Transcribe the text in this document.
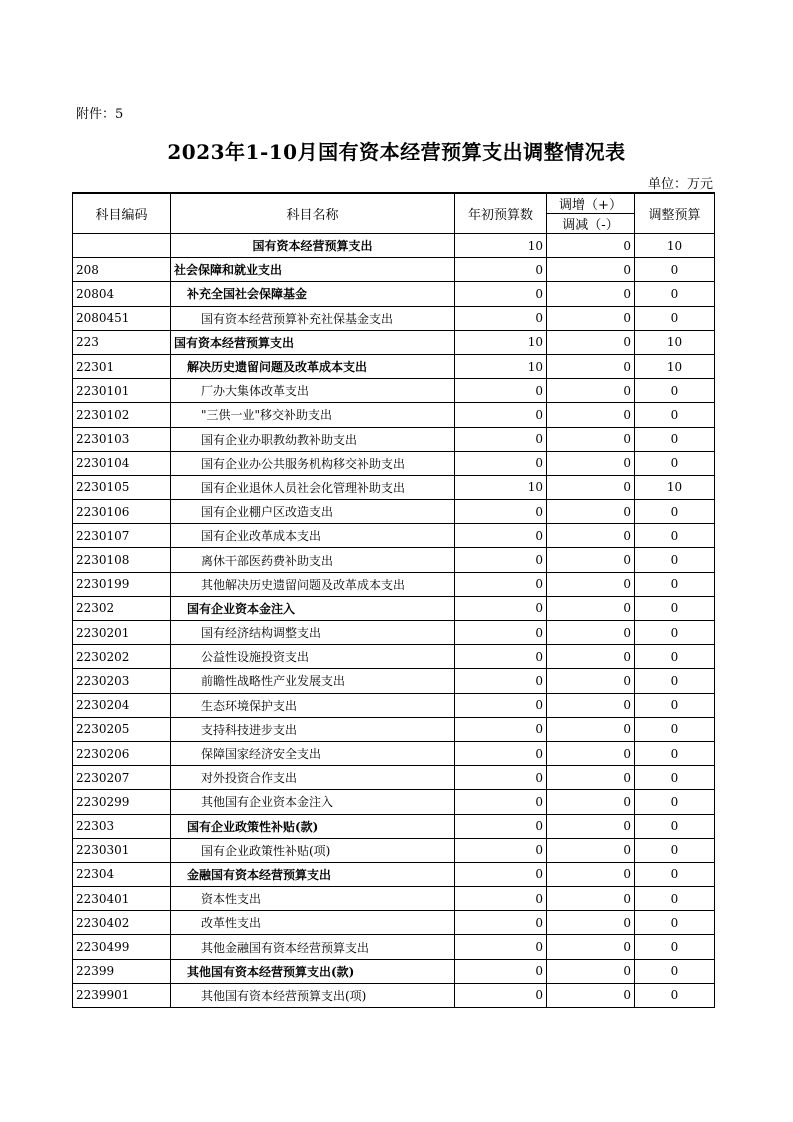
附件：5
2023年1-10月国有资本经营预算支出调整情况表
单位：万元
科目编码	科目名称	年初预算数	调增（+）	调整预算
			调减（-）	
	国有资本经营预算支出	10	0	10
208	社会保障和就业支出	0	0	0
20804	补充全国社会保障基金	0	0	0
2080451	国有资本经营预算补充社保基金支出	0	0	0
223	国有资本经营预算支出	10	0	10
22301	解决历史遗留问题及改革成本支出	10	0	10
2230101	厂办大集体改革支出	0	0	0
2230102	"三供一业"移交补助支出	0	0	0
2230103	国有企业办职教幼教补助支出	0	0	0
2230104	国有企业办公共服务机构移交补助支出	0	0	0
2230105	国有企业退休人员社会化管理补助支出	10	0	10
2230106	国有企业棚户区改造支出	0	0	0
2230107	国有企业改革成本支出	0	0	0
2230108	离休干部医药费补助支出	0	0	0
2230199	其他解决历史遗留问题及改革成本支出	0	0	0
22302	国有企业资本金注入	0	0	0
2230201	国有经济结构调整支出	0	0	0
2230202	公益性设施投资支出	0	0	0
2230203	前瞻性战略性产业发展支出	0	0	0
2230204	生态环境保护支出	0	0	0
2230205	支持科技进步支出	0	0	0
2230206	保障国家经济安全支出	0	0	0
2230207	对外投资合作支出	0	0	0
2230299	其他国有企业资本金注入	0	0	0
22303	国有企业政策性补贴(款)	0	0	0
2230301	国有企业政策性补贴(项)	0	0	0
22304	金融国有资本经营预算支出	0	0	0
2230401	资本性支出	0	0	0
2230402	改革性支出	0	0	0
2230499	其他金融国有资本经营预算支出	0	0	0
22399	其他国有资本经营预算支出(款)	0	0	0
2239901	其他国有资本经营预算支出(项)	0	0	0
